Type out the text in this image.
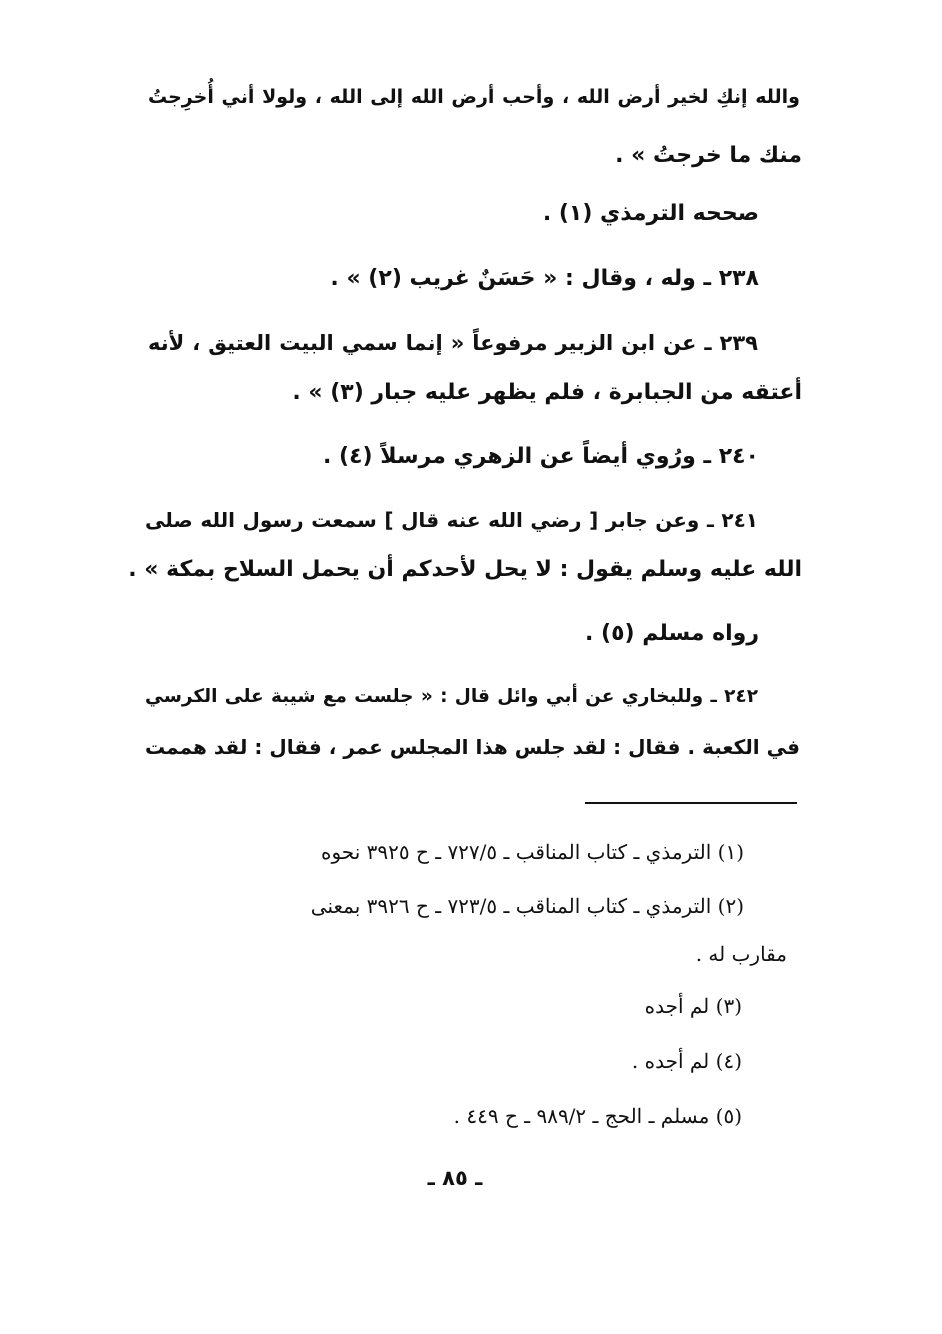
والله إنكِ لخير أرض الله ، وأحب أرض الله إلى الله ، ولولا أني أُخرِجتُ
منك ما خرجتُ » .
صححه الترمذي (١) .
٢٣٨ ـ وله ، وقال : « حَسَنٌ غريب (٢) » .
٢٣٩ ـ عن ابن الزبير مرفوعاً « إنما سمي البيت العتيق ، لأنه
أعتقه من الجبابرة ، فلم يظهر عليه جبار (٣) » .
٢٤٠ ـ ورُوي أيضاً عن الزهري مرسلاً (٤) .
٢٤١ ـ وعن جابر [ رضي الله عنه قال ] سمعت رسول الله صلى
الله عليه وسلم يقول : لا يحل لأحدكم أن يحمل السلاح بمكة » .
رواه مسلم (٥) .
٢٤٢ ـ وللبخاري عن أبي وائل قال : « جلست مع شيبة على الكرسي
في الكعبة . فقال : لقد جلس هذا المجلس عمر ، فقال : لقد هممت
(١) الترمذي ـ كتاب المناقب ـ ٧٢٧/٥ ـ ح ٣٩٢٥ نحوه
(٢) الترمذي ـ كتاب المناقب ـ ٧٢٣/٥ ـ ح ٣٩٢٦ بمعنى
مقارب له .
(٣) لم أجده
(٤) لم أجده .
(٥) مسلم ـ الحج ـ ٩٨٩/٢ ـ ح ٤٤٩ .
ـ ٨٥ ـ
